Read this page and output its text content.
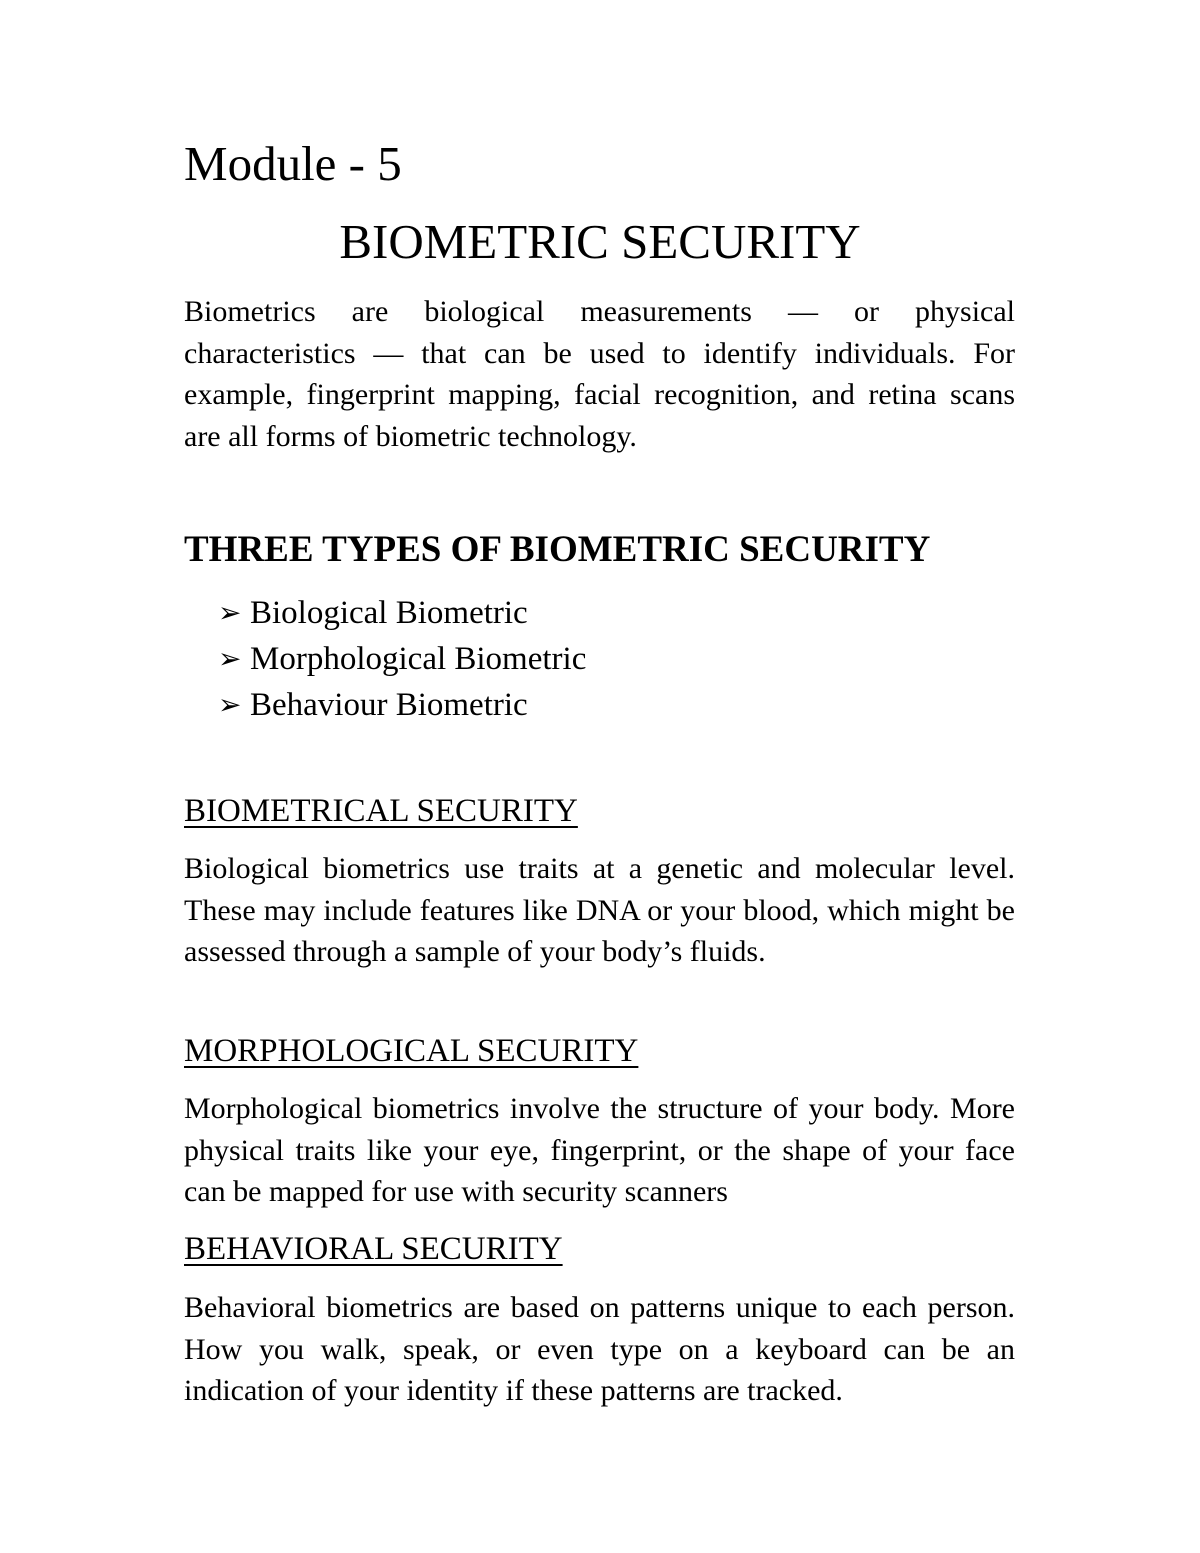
Module - 5
BIOMETRIC SECURITY

Biometrics are biological measurements — or physical characteristics — that can be used to identify individuals. For example, fingerprint mapping, facial recognition, and retina scans are all forms of biometric technology.

THREE TYPES OF BIOMETRIC SECURITY
➢ Biological Biometric
➢ Morphological Biometric
➢ Behaviour Biometric
BIOMETRICAL SECURITY

Biological biometrics use traits at a genetic and molecular level. These may include features like DNA or your blood, which might be assessed through a sample of your body’s fluids.

MORPHOLOGICAL SECURITY

Morphological biometrics involve the structure of your body. More physical traits like your eye, fingerprint, or the shape of your face can be mapped for use with security scanners

BEHAVIORAL SECURITY

Behavioral biometrics are based on patterns unique to each person. How you walk, speak, or even type on a keyboard can be an indication of your identity if these patterns are tracked.
